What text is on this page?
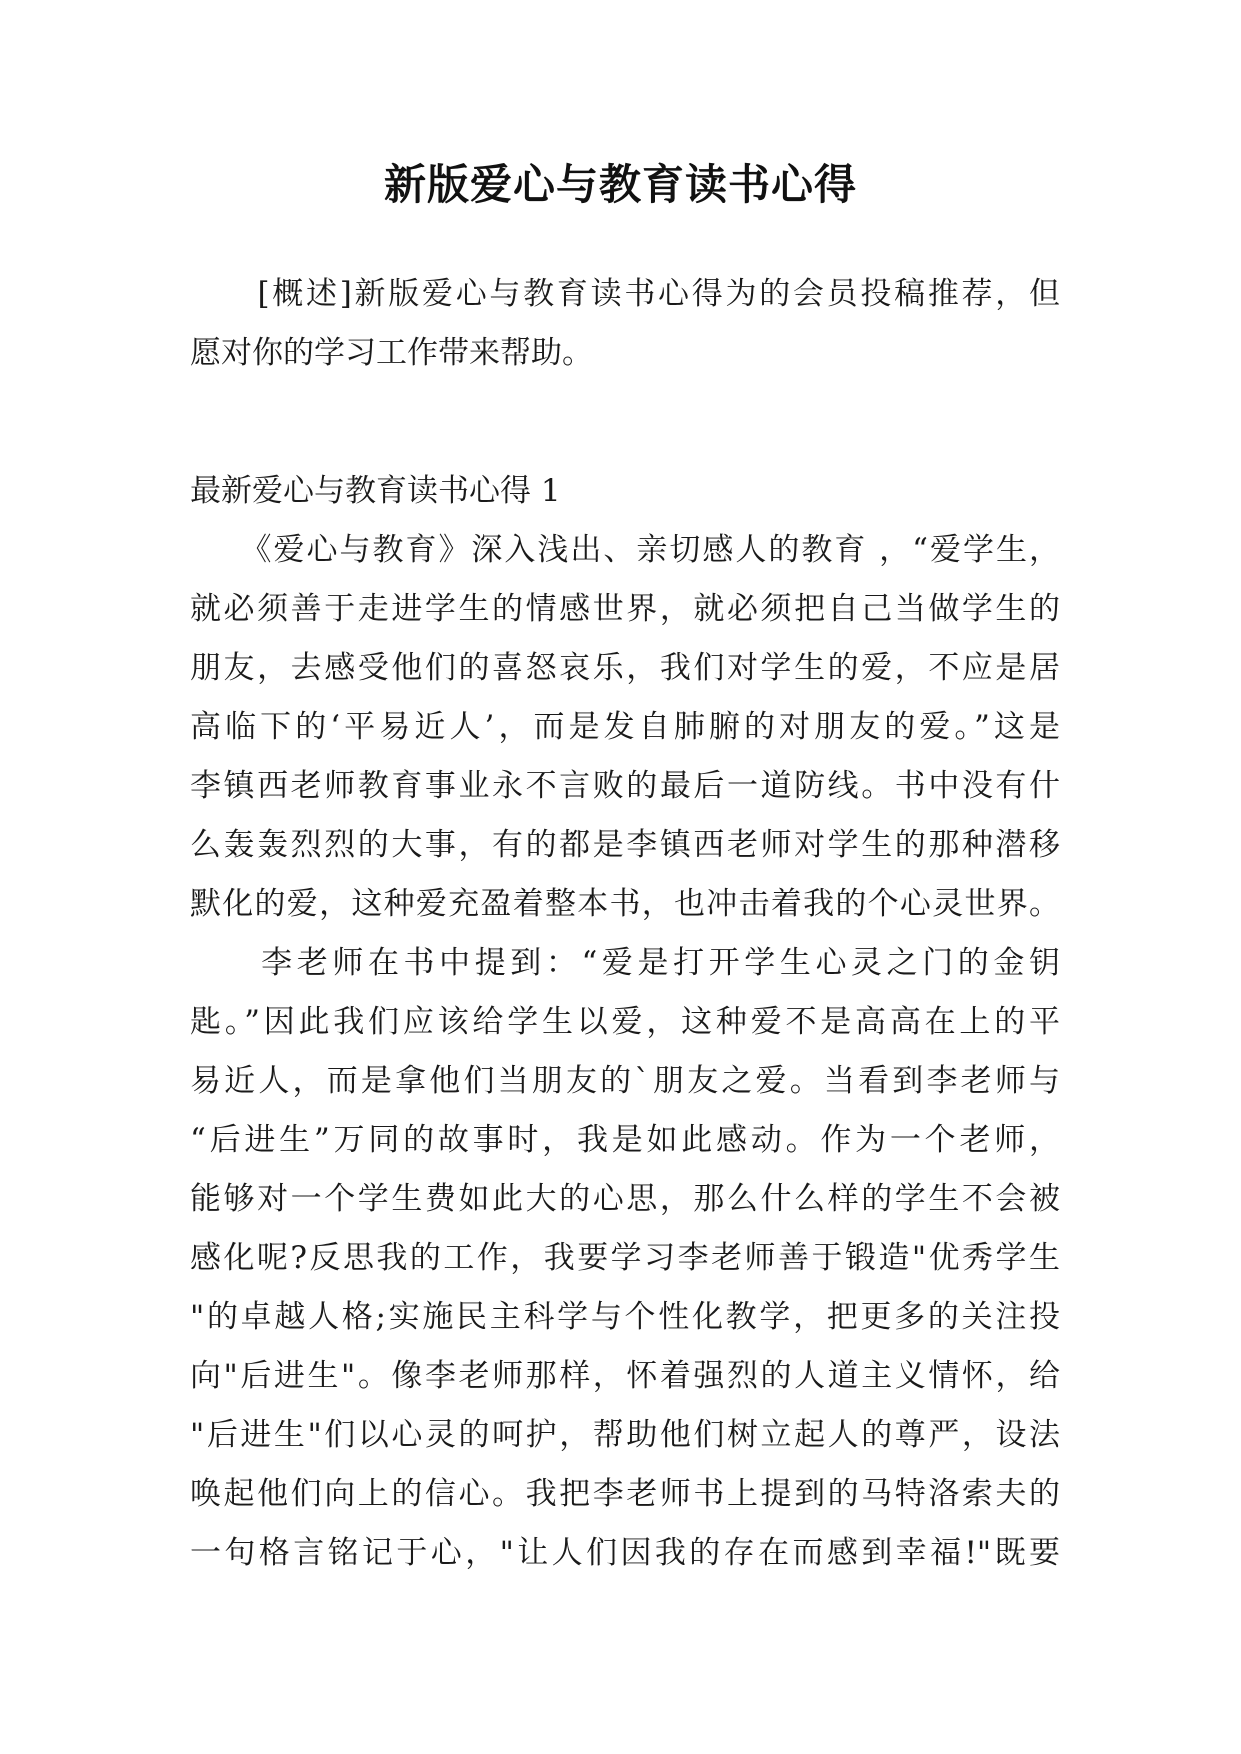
新版爱心与教育读书心得
　　[概述]新版爱心与教育读书心得为的会员投稿推荐，但
愿对你的学习工作带来帮助。
最新爱心与教育读书心得 1
　　《爱心与教育》深入浅出、亲切感人的教育 ，“爱学生，
就必须善于走进学生的情感世界，就必须把自己当做学生的
朋友，去感受他们的喜怒哀乐，我们对学生的爱，不应是居
高临下的‘平易近人’，而是发自肺腑的对朋友的爱。”这是
李镇西老师教育事业永不言败的最后一道防线。书中没有什
么轰轰烈烈的大事，有的都是李镇西老师对学生的那种潜移
默化的爱，这种爱充盈着整本书，也冲击着我的个心灵世界。
　　李老师在书中提到：“爱是打开学生心灵之门的金钥
匙。”因此我们应该给学生以爱，这种爱不是高高在上的平
易近人，而是拿他们当朋友的`朋友之爱。当看到李老师与
“后进生”万同的故事时，我是如此感动。作为一个老师，
能够对一个学生费如此大的心思，那么什么样的学生不会被
感化呢?反思我的工作，我要学习李老师善于锻造"优秀学生
"的卓越人格;实施民主科学与个性化教学，把更多的关注投
向"后进生"。像李老师那样，怀着强烈的人道主义情怀，给
"后进生"们以心灵的呵护，帮助他们树立起人的尊严，设法
唤起他们向上的信心。我把李老师书上提到的马特洛索夫的
一句格言铭记于心，"让人们因我的存在而感到幸福!"既要
